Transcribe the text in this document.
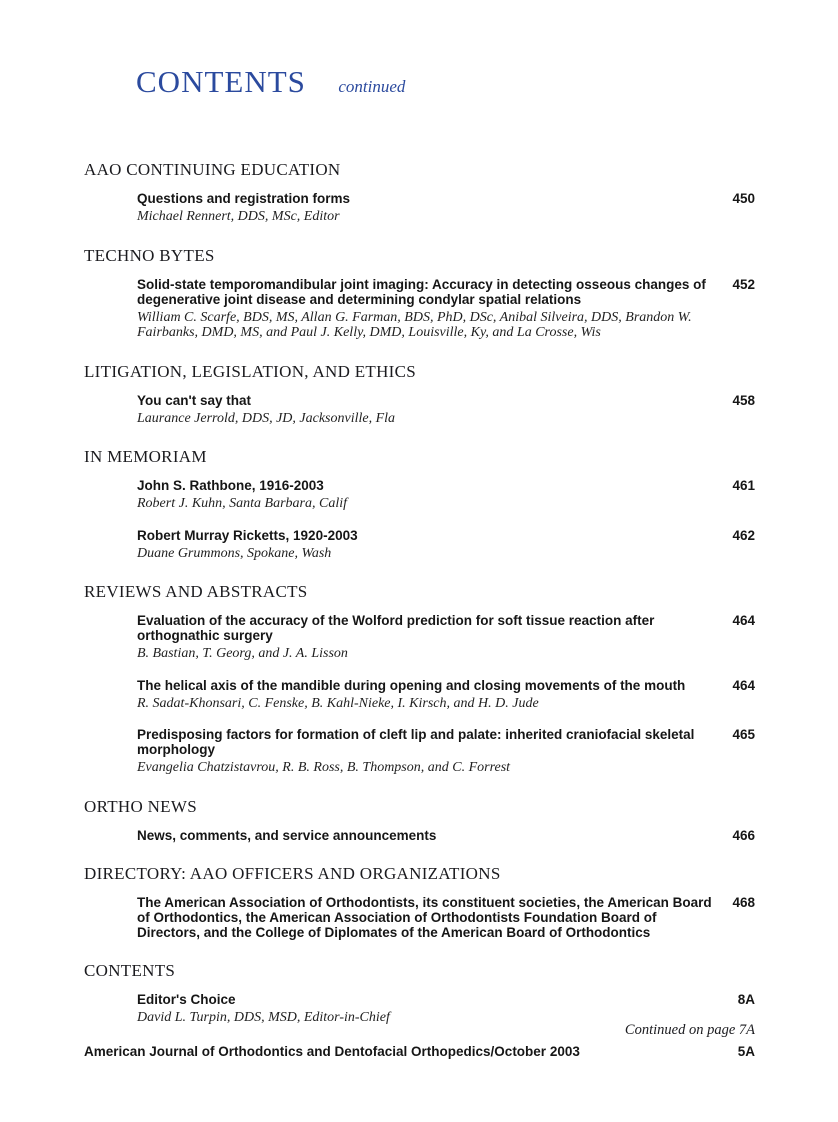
CONTENTS continued
AAO CONTINUING EDUCATION
Questions and registration forms
Michael Rennert, DDS, MSc, Editor
450
TECHNO BYTES
Solid-state temporomandibular joint imaging: Accuracy in detecting osseous changes of degenerative joint disease and determining condylar spatial relations
William C. Scarfe, BDS, MS, Allan G. Farman, BDS, PhD, DSc, Anibal Silveira, DDS, Brandon W. Fairbanks, DMD, MS, and Paul J. Kelly, DMD, Louisville, Ky, and La Crosse, Wis
452
LITIGATION, LEGISLATION, AND ETHICS
You can't say that
Laurance Jerrold, DDS, JD, Jacksonville, Fla
458
IN MEMORIAM
John S. Rathbone, 1916-2003
Robert J. Kuhn, Santa Barbara, Calif
461
Robert Murray Ricketts, 1920-2003
Duane Grummons, Spokane, Wash
462
REVIEWS AND ABSTRACTS
Evaluation of the accuracy of the Wolford prediction for soft tissue reaction after orthognathic surgery
B. Bastian, T. Georg, and J. A. Lisson
464
The helical axis of the mandible during opening and closing movements of the mouth
R. Sadat-Khonsari, C. Fenske, B. Kahl-Nieke, I. Kirsch, and H. D. Jude
464
Predisposing factors for formation of cleft lip and palate: inherited craniofacial skeletal morphology
Evangelia Chatzistavrou, R. B. Ross, B. Thompson, and C. Forrest
465
ORTHO NEWS
News, comments, and service announcements	466
DIRECTORY: AAO OFFICERS AND ORGANIZATIONS
The American Association of Orthodontists, its constituent societies, the American Board of Orthodontics, the American Association of Orthodontists Foundation Board of Directors, and the College of Diplomates of the American Board of Orthodontics
468
CONTENTS
Editor's Choice
David L. Turpin, DDS, MSD, Editor-in-Chief
8A
Continued on page 7A
American Journal of Orthodontics and Dentofacial Orthopedics/October 2003	5A
